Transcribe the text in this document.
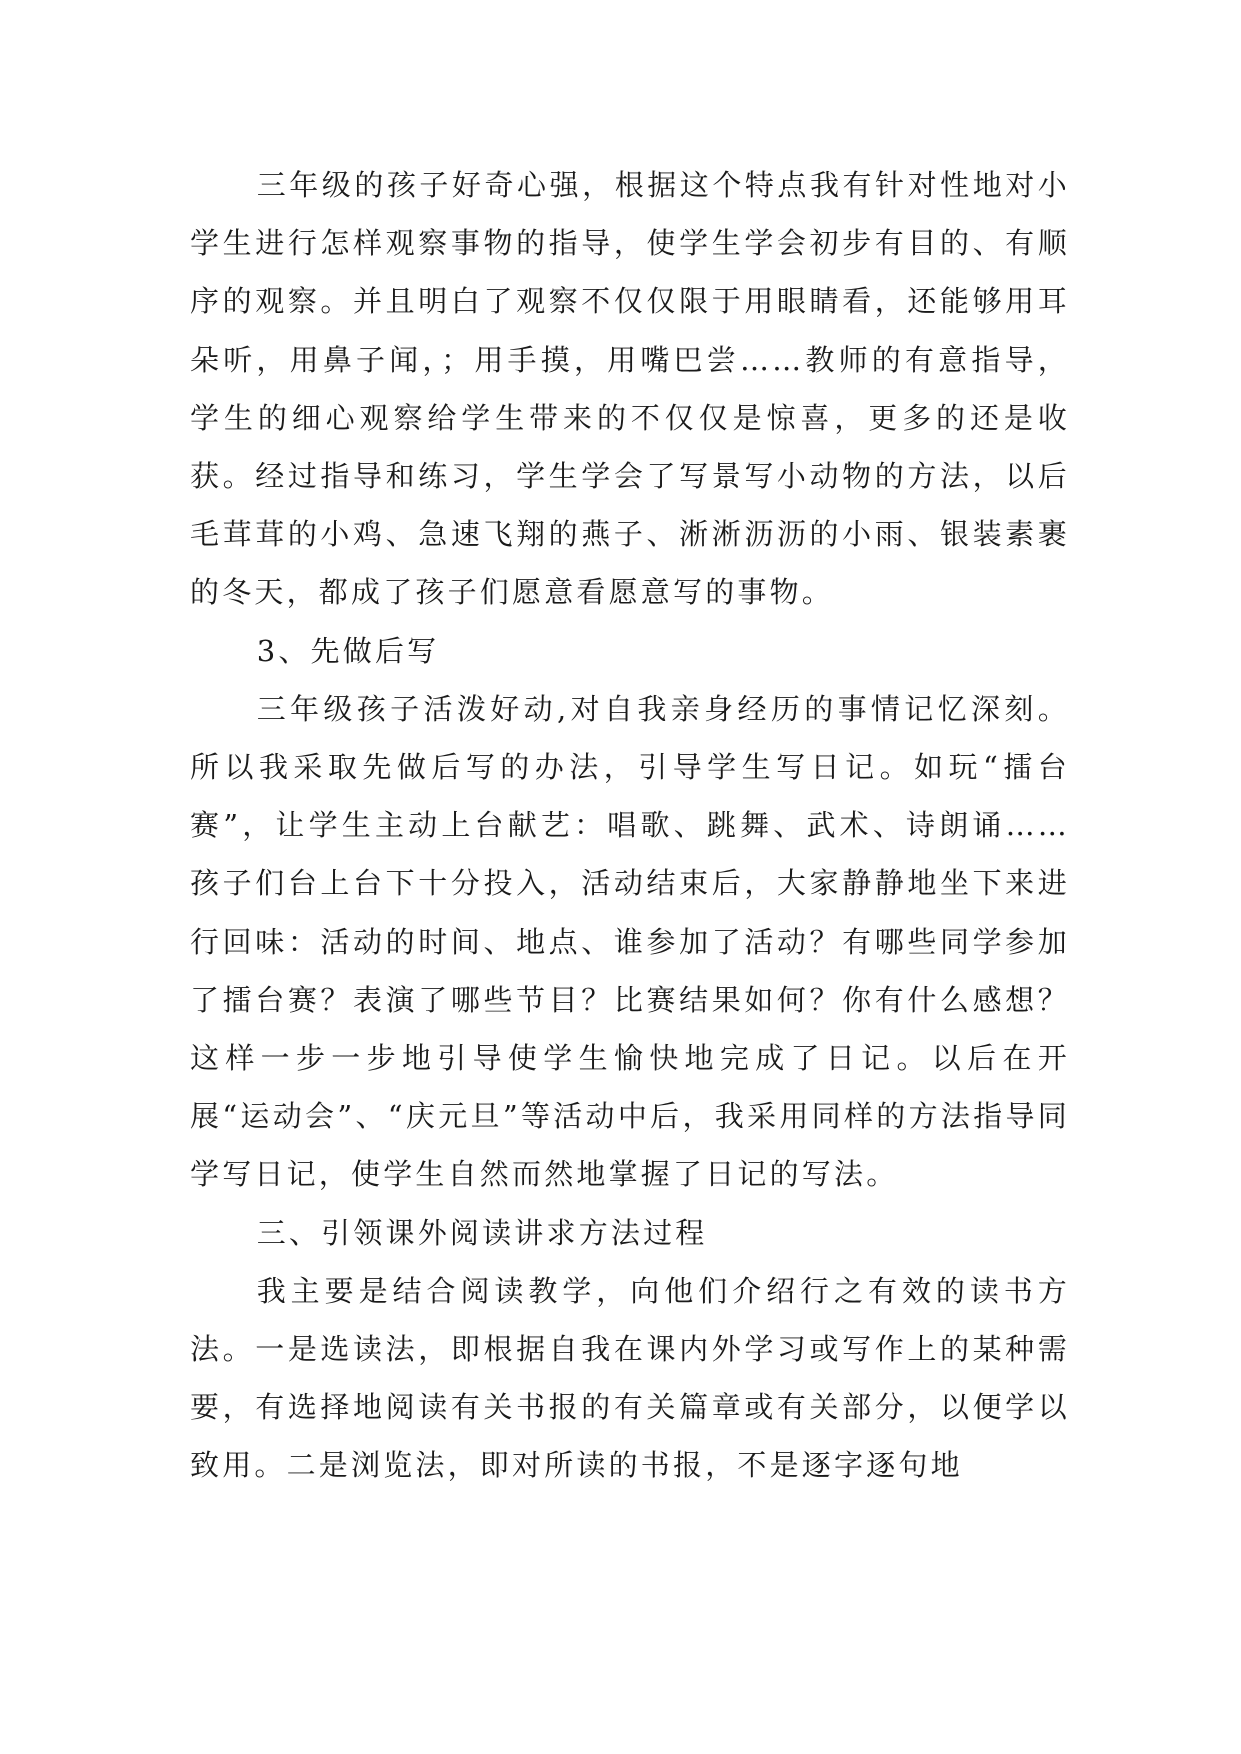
三年级的孩子好奇心强，根据这个特点我有针对性地对小学生进行怎样观察事物的指导，使学生学会初步有目的、有顺序的观察。并且明白了观察不仅仅限于用眼睛看，还能够用耳朵听，用鼻子闻，；用手摸，用嘴巴尝……教师的有意指导，学生的细心观察给学生带来的不仅仅是惊喜，更多的还是收获。经过指导和练习，学生学会了写景写小动物的方法，以后毛茸茸的小鸡、急速飞翔的燕子、淅淅沥沥的小雨、银装素裹的冬天，都成了孩子们愿意看愿意写的事物。

3、先做后写

三年级孩子活泼好动,对自我亲身经历的事情记忆深刻。所以我采取先做后写的办法，引导学生写日记。如玩“擂台赛”，让学生主动上台献艺：唱歌、跳舞、武术、诗朗诵……孩子们台上台下十分投入，活动结束后，大家静静地坐下来进行回味：活动的时间、地点、谁参加了活动？有哪些同学参加了擂台赛？表演了哪些节目？比赛结果如何？你有什么感想？这样一步一步地引导使学生愉快地完成了日记。以后在开展“运动会”、“庆元旦”等活动中后，我采用同样的方法指导同学写日记，使学生自然而然地掌握了日记的写法。

三、引领课外阅读讲求方法过程

我主要是结合阅读教学，向他们介绍行之有效的读书方法。一是选读法，即根据自我在课内外学习或写作上的某种需要，有选择地阅读有关书报的有关篇章或有关部分，以便学以致用。二是浏览法，即对所读的书报，不是逐字逐句地
